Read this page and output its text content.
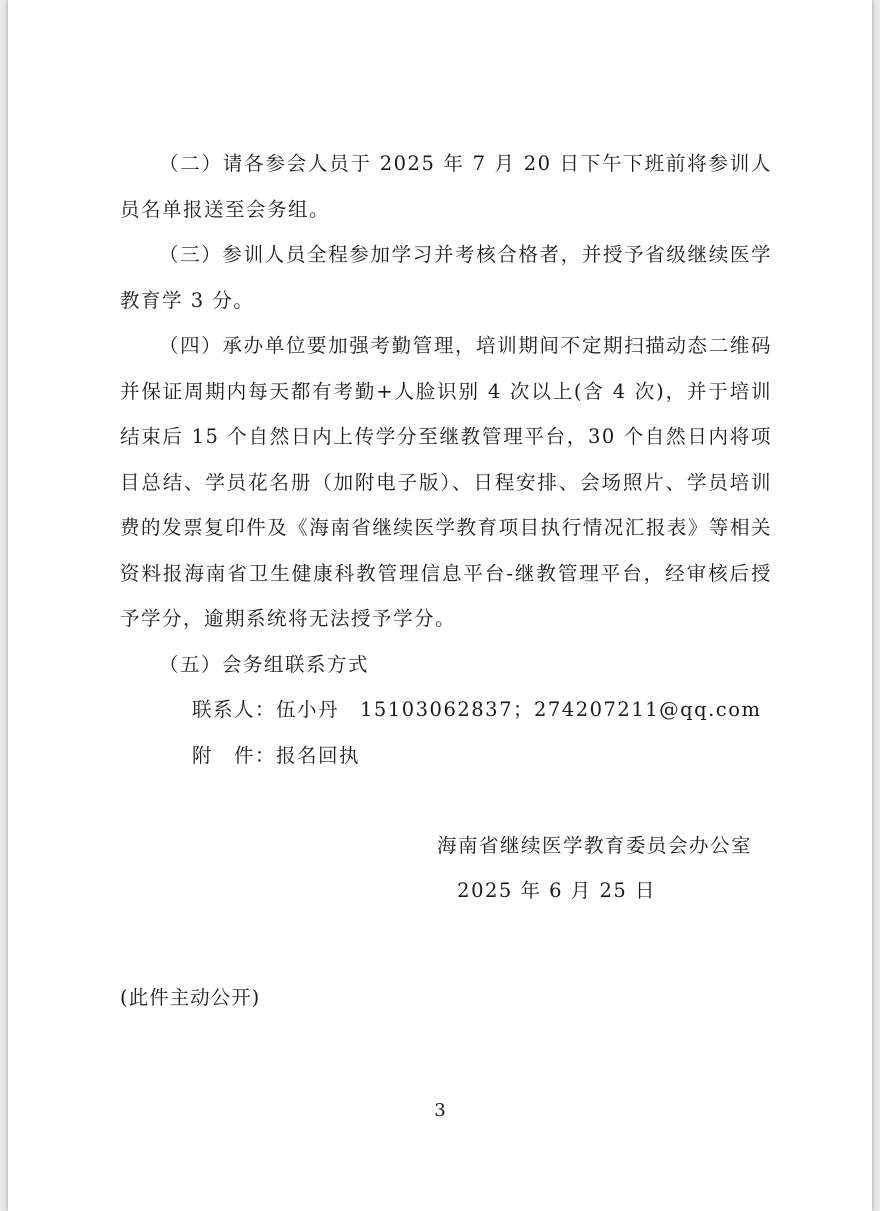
（二）请各参会人员于 2025 年 7 月 20 日下午下班前将参训人员名单报送至会务组。

（三）参训人员全程参加学习并考核合格者，并授予省级继续医学教育学 3 分。

（四）承办单位要加强考勤管理，培训期间不定期扫描动态二维码并保证周期内每天都有考勤+人脸识别 4 次以上(含 4 次)，并于培训结束后 15 个自然日内上传学分至继教管理平台，30 个自然日内将项目总结、学员花名册（加附电子版）、日程安排、会场照片、学员培训费的发票复印件及《海南省继续医学教育项目执行情况汇报表》等相关资料报海南省卫生健康科教管理信息平台-继教管理平台，经审核后授予学分，逾期系统将无法授予学分。

（五）会务组联系方式

联系人：伍小丹　15103062837；274207211@qq.com

附　件：报名回执

海南省继续医学教育委员会办公室
2025 年 6 月 25 日
(此件主动公开)
3
